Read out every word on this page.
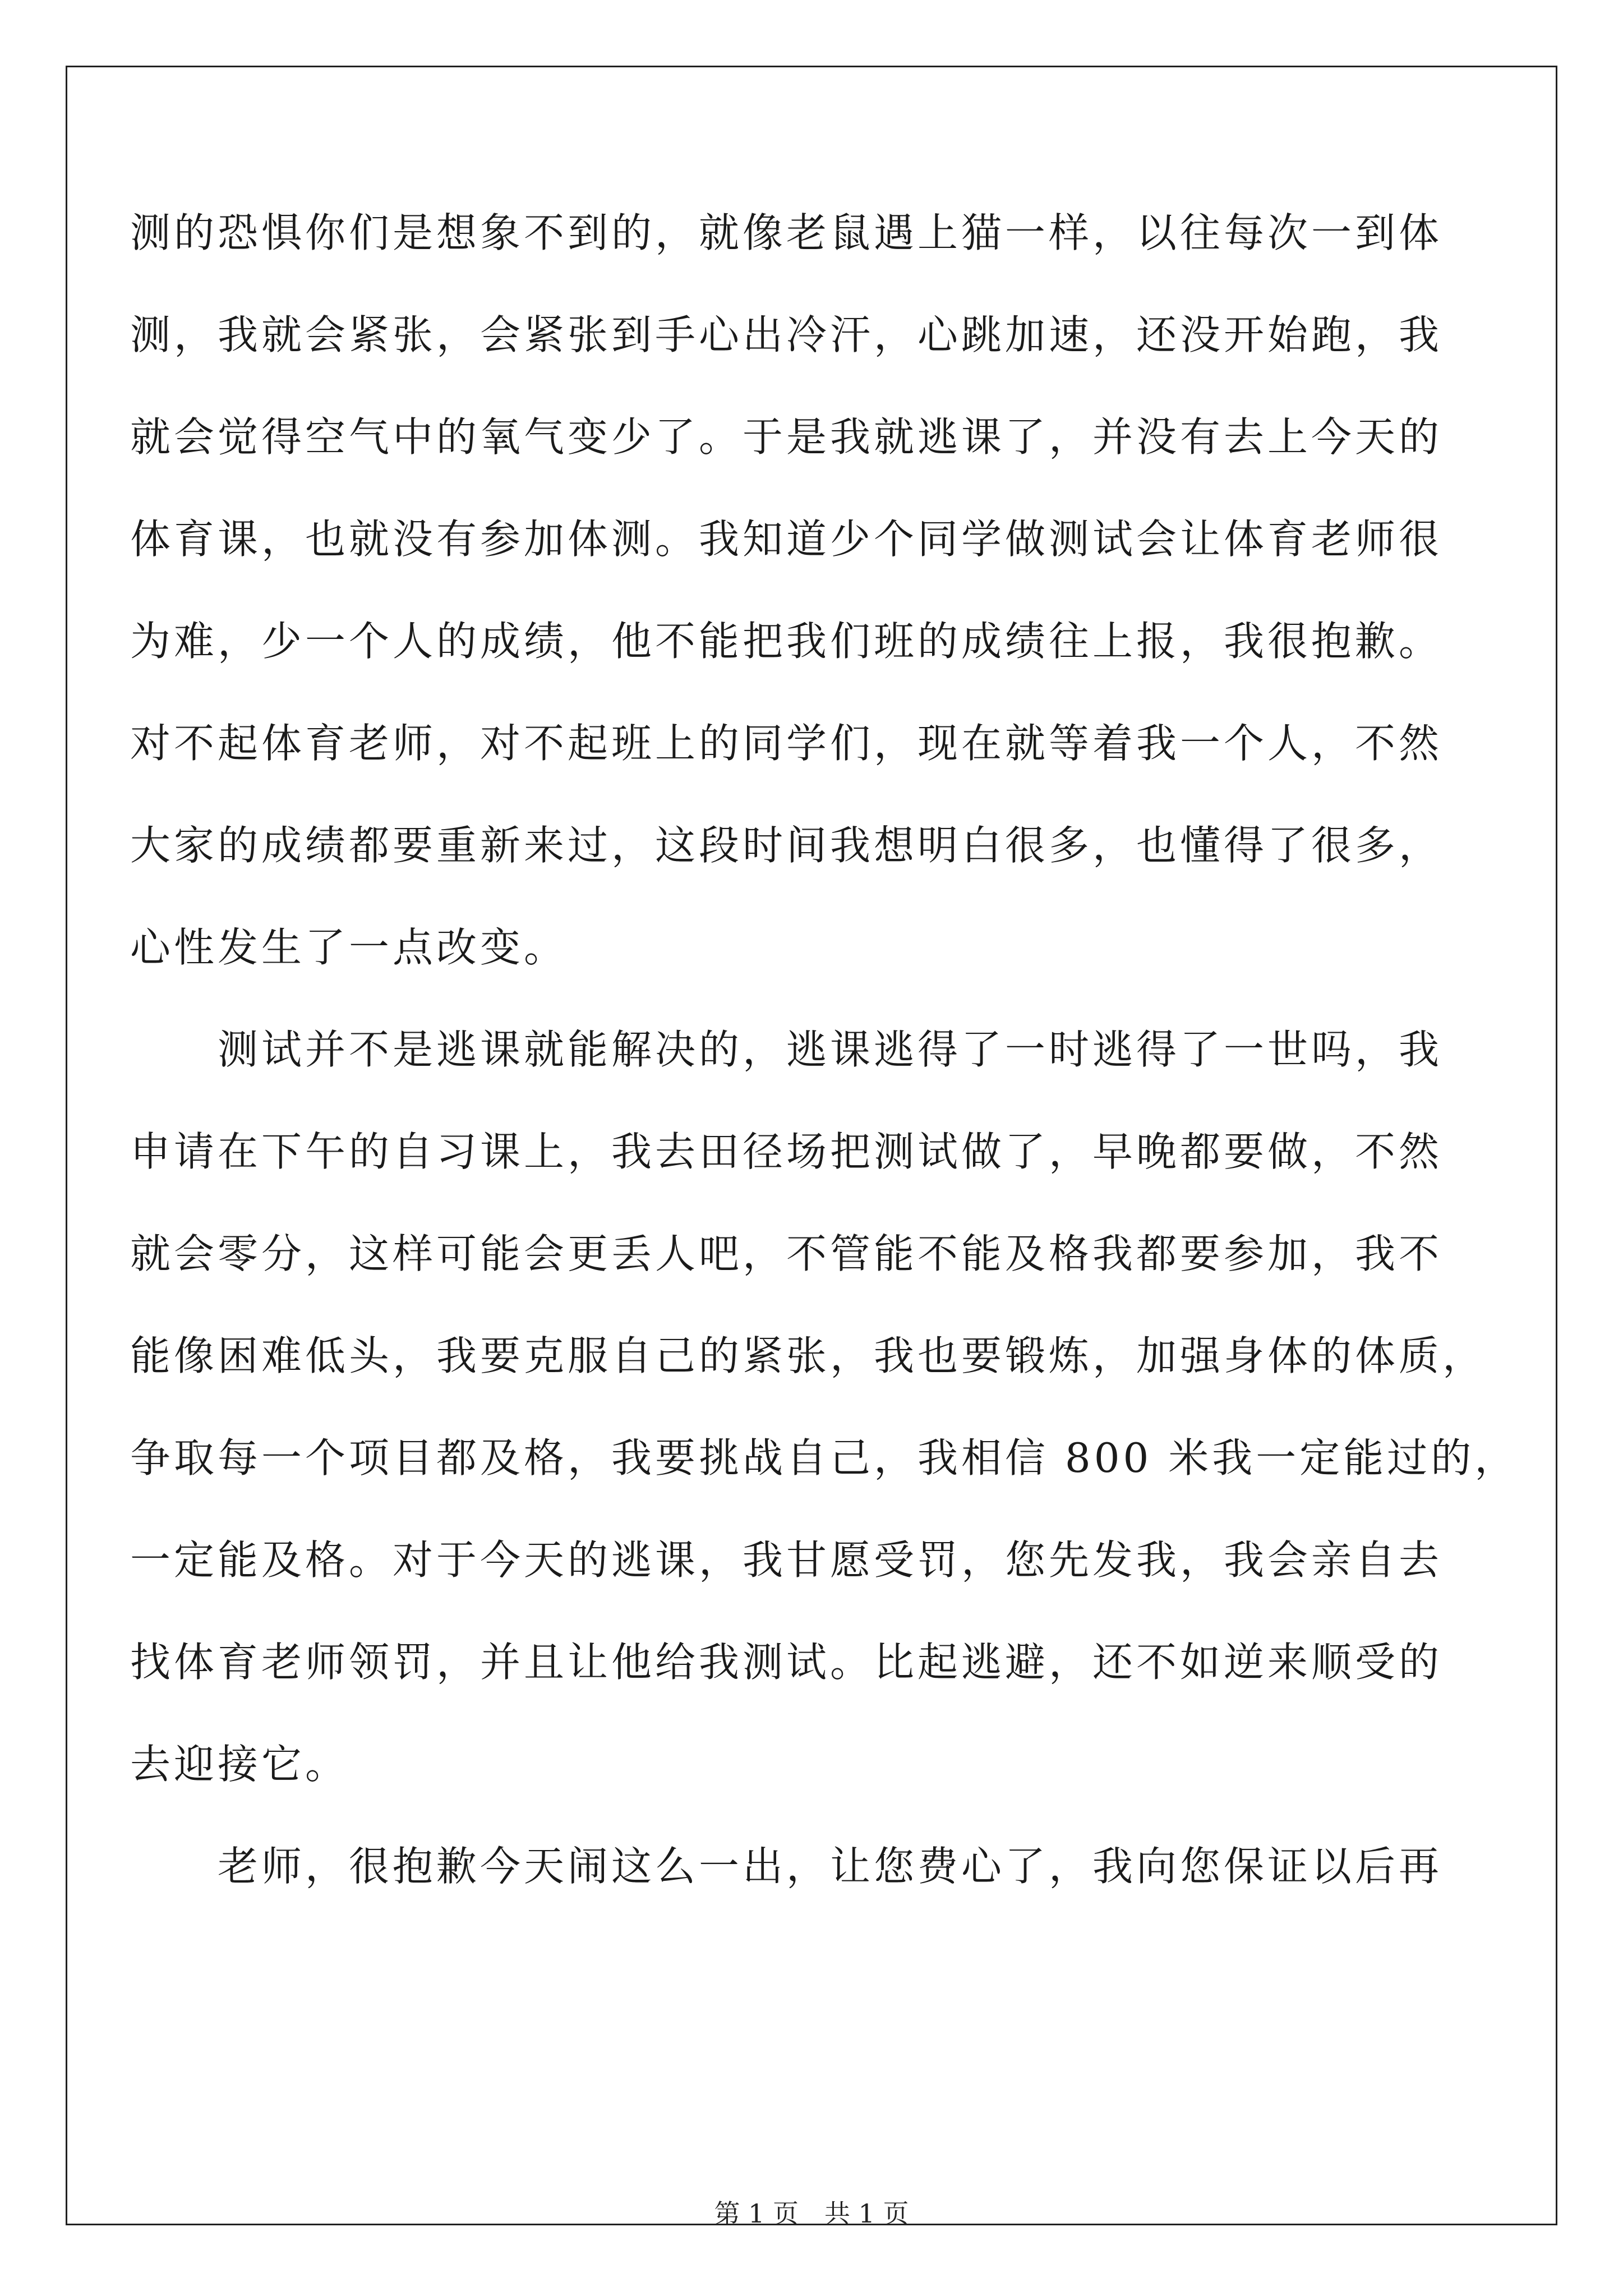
测的恐惧你们是想象不到的，就像老鼠遇上猫一样，以往每次一到体
测，我就会紧张，会紧张到手心出冷汗，心跳加速，还没开始跑，我
就会觉得空气中的氧气变少了。于是我就逃课了，并没有去上今天的
体育课，也就没有参加体测。我知道少个同学做测试会让体育老师很
为难，少一个人的成绩，他不能把我们班的成绩往上报，我很抱歉。
对不起体育老师，对不起班上的同学们，现在就等着我一个人，不然
大家的成绩都要重新来过，这段时间我想明白很多，也懂得了很多，
心性发生了一点改变。
　　测试并不是逃课就能解决的，逃课逃得了一时逃得了一世吗，我
申请在下午的自习课上，我去田径场把测试做了，早晚都要做，不然
就会零分，这样可能会更丢人吧，不管能不能及格我都要参加，我不
能像困难低头，我要克服自己的紧张，我也要锻炼，加强身体的体质，
争取每一个项目都及格，我要挑战自己，我相信 800 米我一定能过的，
一定能及格。对于今天的逃课，我甘愿受罚，您先发我，我会亲自去
找体育老师领罚，并且让他给我测试。比起逃避，还不如逆来顺受的
去迎接它。
　　老师，很抱歉今天闹这么一出，让您费心了，我向您保证以后再
第 1 页 共 1 页
